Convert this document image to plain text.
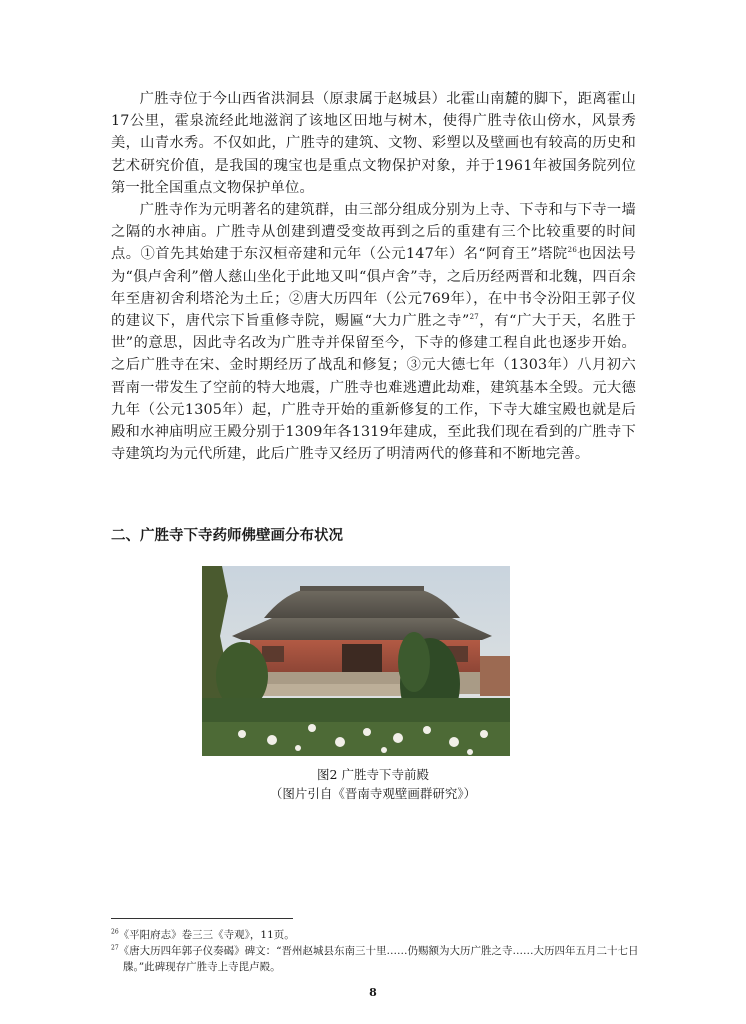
广胜寺位于今山西省洪洞县（原隶属于赵城县）北霍山南麓的脚下，距离霍山17公里，霍泉流经此地滋润了该地区田地与树木，使得广胜寺依山傍水，风景秀美，山青水秀。不仅如此，广胜寺的建筑、文物、彩塑以及壁画也有较高的历史和艺术研究价值，是我国的瑰宝也是重点文物保护对象，并于1961年被国务院列位第一批全国重点文物保护单位。

广胜寺作为元明著名的建筑群，由三部分组成分别为上寺、下寺和与下寺一墙之隔的水神庙。广胜寺从创建到遭受变故再到之后的重建有三个比较重要的时间点。①首先其始建于东汉桓帝建和元年（公元147年）名“阿育王”塔院$^{26}$也因法号为“俱卢舍利”僧人慈山坐化于此地又叫“俱卢舍”寺，之后历经两晋和北魏，四百余年至唐初舍利塔沦为土丘；②唐大历四年（公元769年），在中书令汾阳王郭子仪的建议下，唐代宗下旨重修寺院，赐匾“大力广胜之寺”$^{27}$，有“广大于天，名胜于世”的意思，因此寺名改为广胜寺并保留至今，下寺的修建工程自此也逐步开始。之后广胜寺在宋、金时期经历了战乱和修复；③元大德七年（1303年）八月初六晋南一带发生了空前的特大地震，广胜寺也难逃遭此劫难，建筑基本全毁。元大德九年（公元1305年）起，广胜寺开始的重新修复的工作，下寺大雄宝殿也就是后殿和水神庙明应王殿分别于1309年各1319年建成，至此我们现在看到的广胜寺下寺建筑均为元代所建，此后广胜寺又经历了明清两代的修葺和不断地完善。

二、广胜寺下寺药师佛壁画分布状况

图2 广胜寺下寺前殿

（图片引自《晋南寺观壁画群研究》）

$^{26}$《平阳府志》卷三三《寺观》，11页。

$^{27}$《唐大历四年郭子仪奏碣》碑文：“晋州赵城县东南三十里……仍赐额为大历广胜之寺……大历四年五月二十七日牒。”此碑现存广胜寺上寺毘卢殿。

8
